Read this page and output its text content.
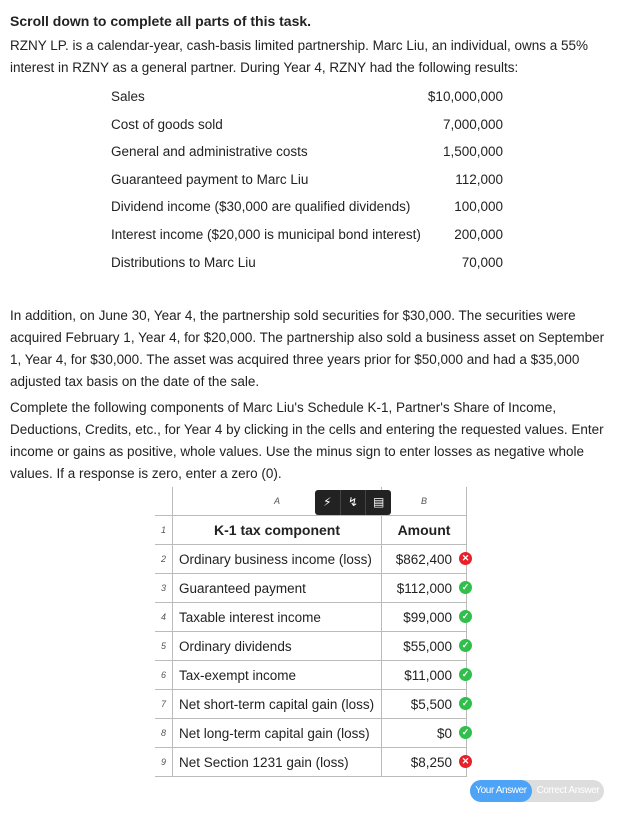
Scroll down to complete all parts of this task.

RZNY LP. is a calendar-year, cash-basis limited partnership. Marc Liu, an individual, owns a 55% interest in RZNY as a general partner. During Year 4, RZNY had the following results:

Sales	$10,000,000
Cost of goods sold	7,000,000
General and administrative costs	1,500,000
Guaranteed payment to Marc Liu	112,000
Dividend income ($30,000 are qualified dividends)	100,000
Interest income ($20,000 is municipal bond interest) 200,000
Distributions to Marc Liu	70,000

In addition, on June 30, Year 4, the partnership sold securities for $30,000. The securities were acquired February 1, Year 4, for $20,000. The partnership also sold a business asset on September 1, Year 4, for $30,000. The asset was acquired three years prior for $50,000 and had a $35,000 adjusted tax basis on the date of the sale.

Complete the following components of Marc Liu's Schedule K-1, Partner's Share of Income, Deductions, Credits, etc., for Year 4 by clicking in the cells and entering the requested values. Enter income or gains as positive, whole values. Use the minus sign to enter losses as negative whole values. If a response is zero, enter a zero (0).

	A	B
1	K-1 tax component	Amount
2	Ordinary business income (loss)	$862,400 ✕

3	Guaranteed payment	$112,000 ✓

4	Taxable interest income	$99,000 ✓

5	Ordinary dividends	$55,000 ✓

6	Tax-exempt income	$11,000 ✓

7	Net short-term capital gain (loss)	$5,500 ✓

8	Net long-term capital gain (loss)	$0 ✓

9	Net Section 1231 gain (loss)	$8,250 ✕
⚡︎	↯	▤
Your Answer Correct Answer
